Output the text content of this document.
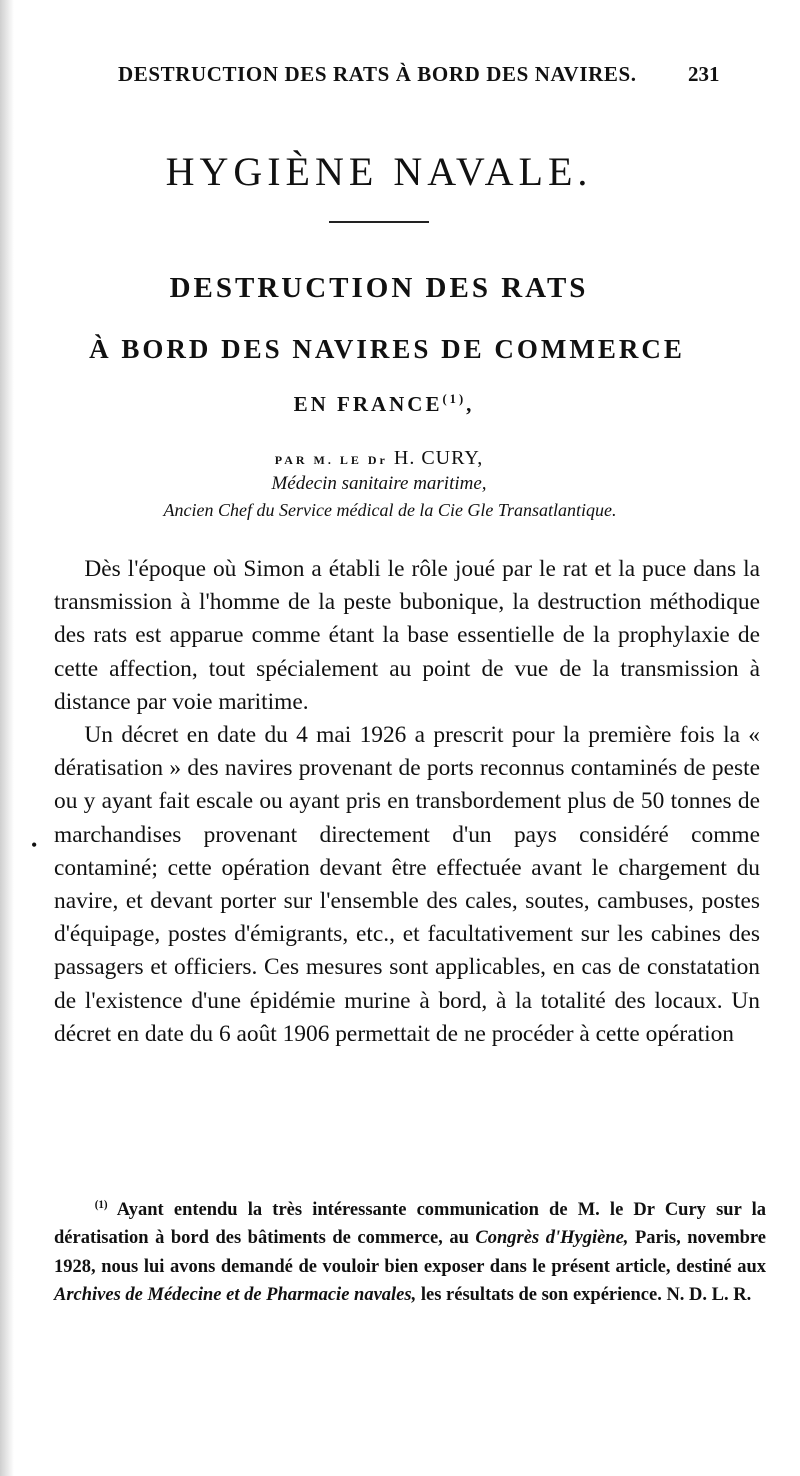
DESTRUCTION DES RATS À BORD DES NAVIRES. 231
HYGIÈNE NAVALE.
DESTRUCTION DES RATS
À BORD DES NAVIRES DE COMMERCE
EN FRANCE$^{(1)}$,
PAR M. LE Dr H. CURY,
Médecin sanitaire maritime,
Ancien Chef du Service médical de la Cie Gle Transatlantique.
•

Dès l'époque où Simon a établi le rôle joué par le rat et la puce dans la transmission à l'homme de la peste bubonique, la destruction méthodique des rats est apparue comme étant la base essentielle de la prophylaxie de cette affection, tout spécialement au point de vue de la transmission à distance par voie maritime.

Un décret en date du 4 mai 1926 a prescrit pour la première fois la « dératisation » des navires provenant de ports reconnus contaminés de peste ou y ayant fait escale ou ayant pris en transbordement plus de 50 tonnes de marchandises provenant directement d'un pays considéré comme contaminé; cette opération devant être effectuée avant le chargement du navire, et devant porter sur l'ensemble des cales, soutes, cambuses, postes d'équipage, postes d'émigrants, etc., et facultativement sur les cabines des passagers et officiers. Ces mesures sont applicables, en cas de constatation de l'existence d'une épidémie murine à bord, à la totalité des locaux. Un décret en date du 6 août 1906 permettait de ne procéder à cette opération

$^{(1)}$ Ayant entendu la très intéressante communication de M. le Dr Cury sur la dératisation à bord des bâtiments de commerce, au Congrès d'Hygiène, Paris, novembre 1928, nous lui avons demandé de vouloir bien exposer dans le présent article, destiné aux Archives de Médecine et de Pharmacie navales, les résultats de son expérience. N. D. L. R.
